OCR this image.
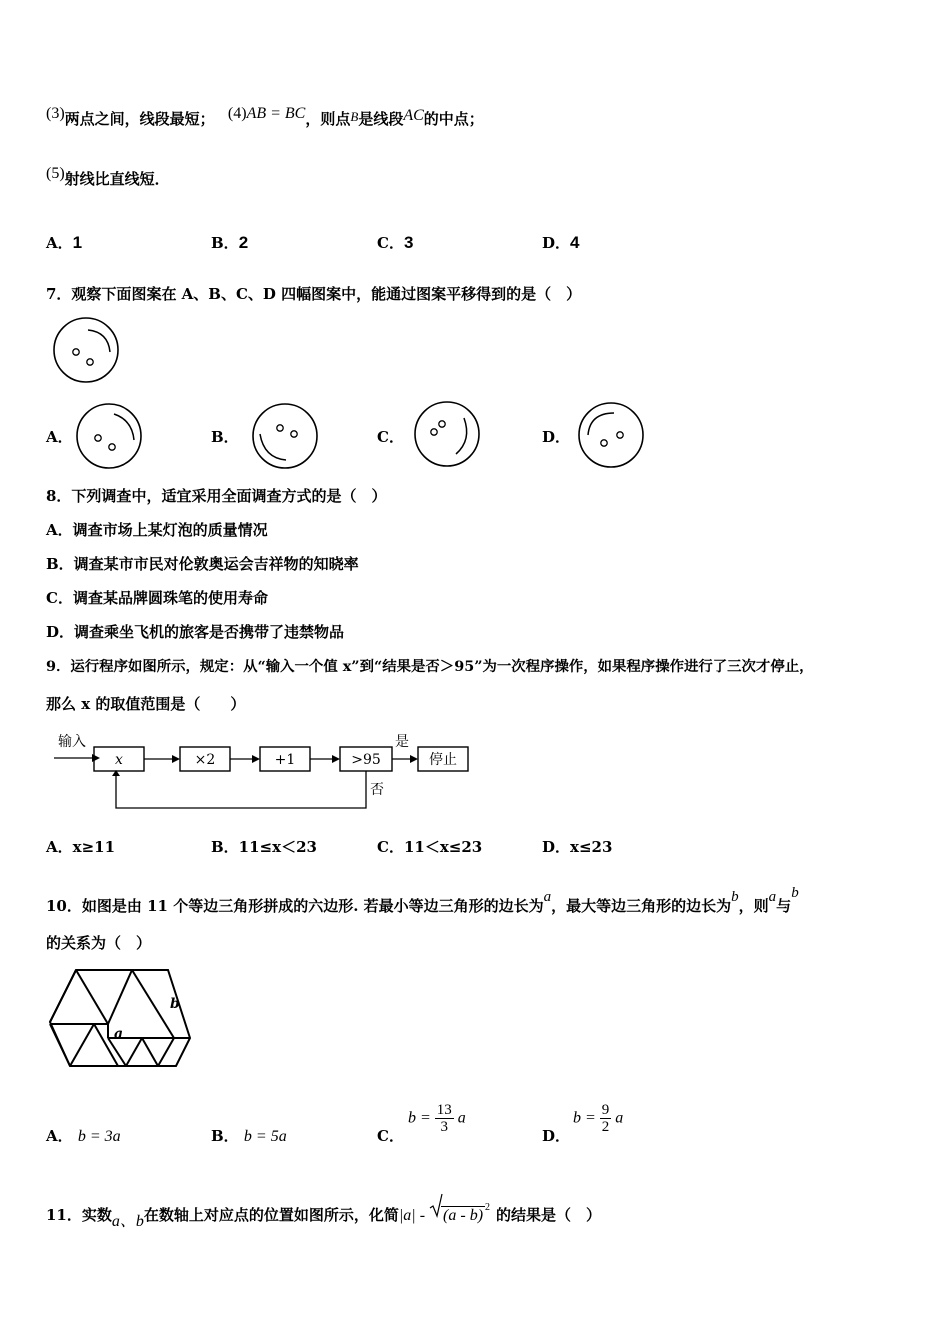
(3)两点之间，线段最短； (4)AB = BC，则点B是线段AC的中点；
(5)射线比直线短．
A．1	B．2	C．3	D．4
7．观察下面图案在 A、B、C、D 四幅图案中，能通过图案平移得到的是（　）
A．	B．	C．	D．
8．下列调查中，适宜采用全面调查方式的是（　）
A．调查市场上某灯泡的质量情况
B．调查某市市民对伦敦奥运会吉祥物的知晓率
C．调查某品牌圆珠笔的使用寿命
D．调查乘坐飞机的旅客是否携带了违禁物品
9．运行程序如图所示，规定：从“输入一个值 x”到“结果是否＞95”为一次程序操作，如果程序操作进行了三次才停止，
那么 x 的取值范围是（　　）
输入
x	×2	+1	>95
是
停止
否
A．x≥11	B．11≤x＜23	C．11＜x≤23	D．x≤23
10．如图是由 11 个等边三角形拼成的六边形. 若最小等边三角形的边长为a，最大等边三角形的边长为b，则a与b
的关系为（　）
a
b
A． b = 3a	B． b = 5a	C．
$b = \frac{13}{3}$ a
D．
$b = \frac{9}{2}$ a
11．实数a、b在数轴上对应点的位置如图所示，化简|a| - (a - b) $^2$ 的结果是（　）
